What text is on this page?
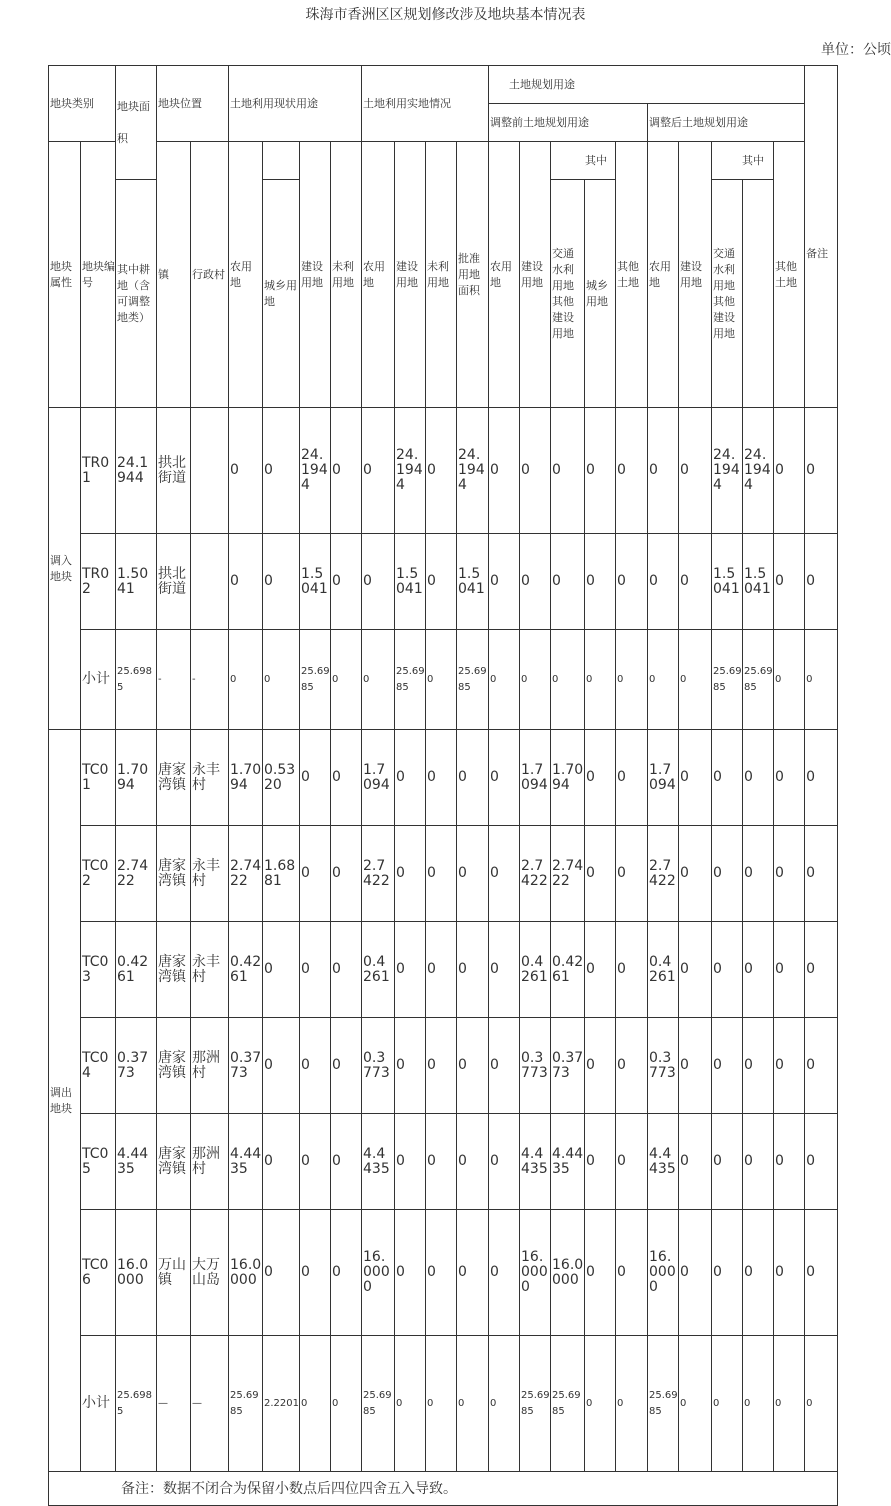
珠海市香洲区区规划修改涉及地块基本情况表
单位：公顷
地块类别		地块面积	地块位置		土地利用现状用途				土地利用实地情况				土地规划用途										备注	
													调整前土地规划用途					调整后土地规划用途						
地块属性	地块编号		镇	行政村	农用地		建设用地	未利用地	农用地	建设用地	未利用地	批准用地面积	农用地	建设用地	其中		其他土地	农用地	建设用地	其中		其他土地		
		其中耕地（含可调整地类）				城乡用地									交通水利用地其他建设用地	城乡用地				交通水利用地其他建设用地				
调入地块	TR01	24.1944	拱北街道		0	0	24.1944	0	0	24.1944	0	24.1944	0	0	0	0	0	0	0	24.1944	24.1944	0	0	
	TR02	1.5041	拱北街道		0	0	1.5041	0	0	1.5041	0	1.5041	0	0	0	0	0	0	0	1.5041	1.5041	0	0	
	小计	25.6985	-	-	0	0	25.6985	0	0	25.6985	0	25.6985	0	0	0	0	0	0	0	25.6985	25.6985	0	0	
调出地块	TC01	1.7094	唐家湾镇	永丰村	1.7094	0.5320	0	0	1.7094	0	0	0	0	1.7094	1.7094	0	0	1.7094	0	0	0	0	0	
	TC02	2.7422	唐家湾镇	永丰村	2.7422	1.6881	0	0	2.7422	0	0	0	0	2.7422	2.7422	0	0	2.7422	0	0	0	0	0	
	TC03	0.4261	唐家湾镇	永丰村	0.4261	0	0	0	0.4261	0	0	0	0	0.4261	0.4261	0	0	0.4261	0	0	0	0	0	
	TC04	0.3773	唐家湾镇	那洲村	0.3773	0	0	0	0.3773	0	0	0	0	0.3773	0.3773	0	0	0.3773	0	0	0	0	0	
	TC05	4.4435	唐家湾镇	那洲村	4.4435	0	0	0	4.4435	0	0	0	0	4.4435	4.4435	0	0	4.4435	0	0	0	0	0	
	TC06	16.0000	万山镇	大万山岛	16.0000	0	0	0	16.0000	0	0	0	0	16.0000	16.0000	0	0	16.0000	0	0	0	0	0	
	小计	25.6985	—	—	25.6985	2.2201	0	0	25.6985	0	0	0	0	25.6985	25.6985	0	0	25.6985	0	0	0	0	0	
备注：数据不闭合为保留小数点后四位四舍五入导致。																								
